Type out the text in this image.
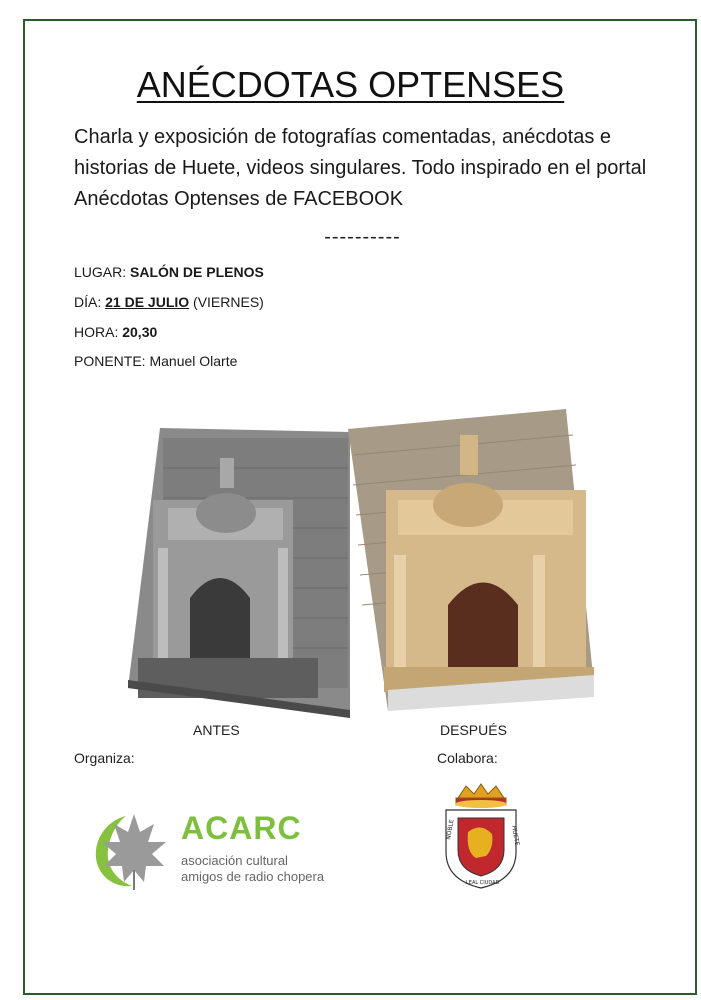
ANÉCDOTAS OPTENSES
Charla y exposición de fotografías comentadas, anécdotas e historias de Huete, videos singulares. Todo inspirado en el portal Anécdotas Optenses de FACEBOOK
----------
LUGAR: SALÓN DE PLENOS
DÍA: 21 DE JULIO (VIERNES)
HORA: 20,30
PONENTE: Manuel Olarte
ANTES	DESPUÉS
Organiza:	Colabora:
ACARC
asociación cultural
amigos de radio chopera
NOBLE Y LEAL CIUDAD DE HUETE
NOBLE	HUETE
LEAL CIUDAD
